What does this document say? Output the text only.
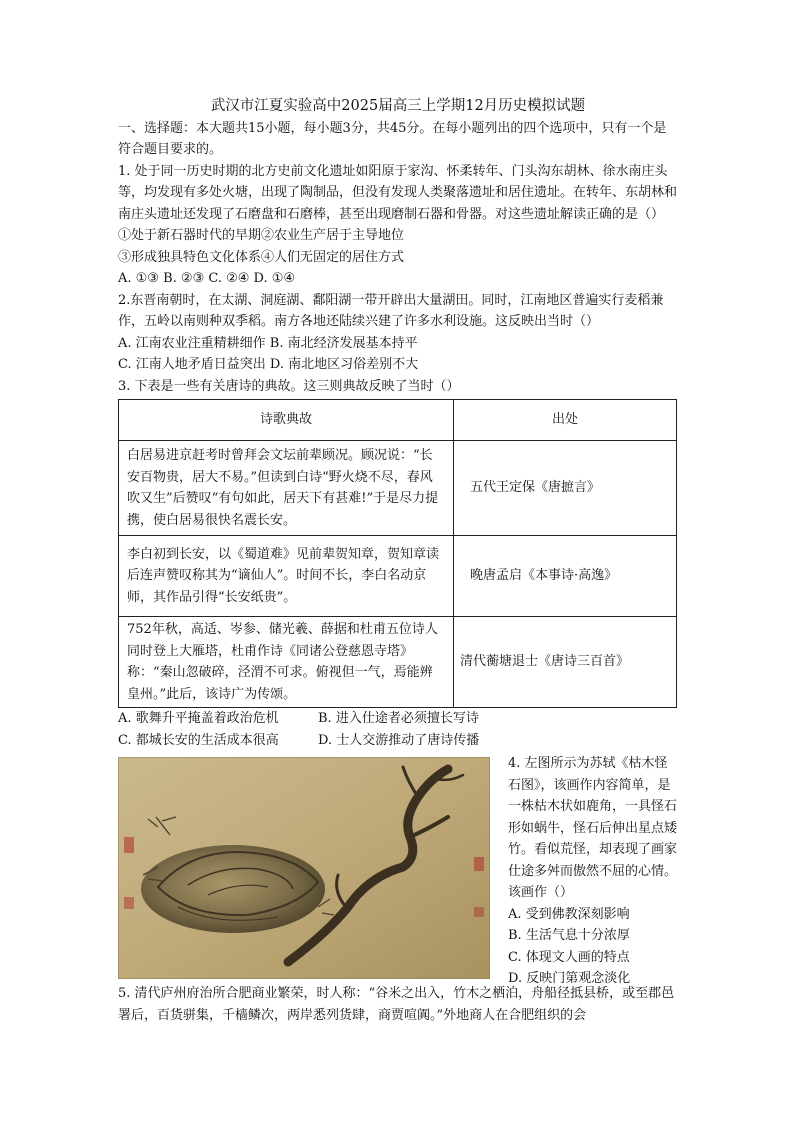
武汉市江夏实验高中2025届高三上学期12月历史模拟试题

一、选择题：本大题共15小题，每小题3分，共45分。在每小题列出的四个选项中，只有一个是符合题目要求的。

1. 处于同一历史时期的北方史前文化遗址如阳原于家沟、怀柔转年、门头沟东胡林、徐水南庄头等，均发现有多处火塘，出现了陶制品，但没有发现人类聚落遗址和居住遗址。在转年、东胡林和南庄头遗址还发现了石磨盘和石磨棒，甚至出现磨制石器和骨器。对这些遗址解读正确的是（）

①处于新石器时代的早期②农业生产居于主导地位

③形成独具特色文化体系④人们无固定的居住方式

A. ①③ B. ②③ C. ②④ D. ①④

2.东晋南朝时，在太湖、洞庭湖、鄱阳湖一带开辟出大量湖田。同时，江南地区普遍实行麦稻兼作，五岭以南则种双季稻。南方各地还陆续兴建了许多水利设施。这反映出当时（）

A. 江南农业注重精耕细作 B. 南北经济发展基本持平

C. 江南人地矛盾日益突出 D. 南北地区习俗差别不大

3. 下表是一些有关唐诗的典故。这三则典故反映了当时（）

诗歌典故	出处
白居易进京赶考时曾拜会文坛前辈顾况。顾况说：“长安百物贵，居大不易。”但读到白诗“野火烧不尽，春风吹又生”后赞叹“有句如此，居天下有甚难!”于是尽力提携，使白居易很快名震长安。	五代王定保《唐摭言》
李白初到长安，以《蜀道难》见前辈贺知章，贺知章读后连声赞叹称其为“谪仙人”。时间不长，李白名动京师，其作品引得“长安纸贵”。	晚唐孟启《本事诗·高逸》
752年秋，高适、岑参、储光羲、薛据和杜甫五位诗人同时登上大雁塔，杜甫作诗《同诸公登慈恩寺塔》称：“秦山忽破碎，泾渭不可求。俯视但一气，焉能辨皇州。”此后，该诗广为传颂。	清代蘅塘退士《唐诗三百首》
A. 歌舞升平掩盖着政治危机	B. 进入仕途者必须擅长写诗
C. 都城长安的生活成本很高	D. 士人交游推动了唐诗传播

4. 左图所示为苏轼《枯木怪石图》，该画作内容简单，是一株枯木状如鹿角，一具怪石形如蜗牛，怪石后伸出星点矮竹。看似荒怪，却表现了画家仕途多舛而傲然不屈的心情。该画作（）

A. 受到佛教深刻影响

B. 生活气息十分浓厚

C. 体现文人画的特点

D. 反映门第观念淡化

5. 清代庐州府治所合肥商业繁荣，时人称：“谷米之出入，竹木之栖泊，舟船径抵县桥，或至郡邑署后，百货骈集，千樯鳞次，两岸悉列货肆，商贾喧阗。”外地商人在合肥组织的会
